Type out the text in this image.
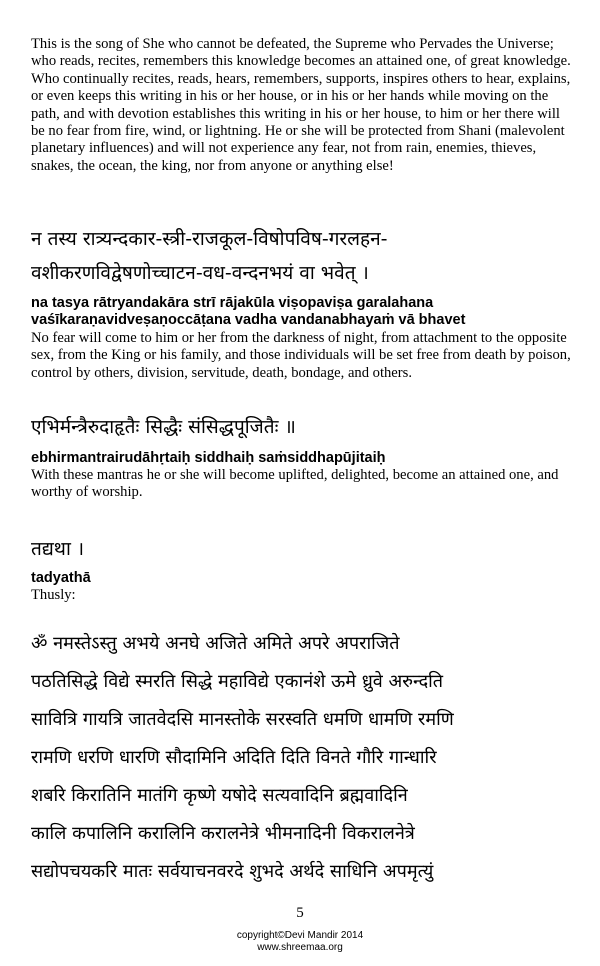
This is the song of She who cannot be defeated, the Supreme who Pervades the Universe; who reads, recites, remembers this knowledge becomes an attained one, of great knowledge. Who continually recites, reads, hears, remembers, supports, inspires others to hear, explains, or even keeps this writing in his or her house, or in his or her hands while moving on the path, and with devotion establishes this writing in his or her house, to him or her there will be no fear from fire, wind, or lightning. He or she will be protected from Shani (malevolent planetary influences) and will not experience any fear, not from rain, enemies, thieves, snakes, the ocean, the king, nor from anyone or anything else!

न तस्य रात्र्यन्दकार-स्त्री-राजकूल-विषोपविष-गरलहन-
वशीकरणविद्वेषणोच्चाटन-वध-वन्दनभयं वा भवेत् ।
na tasya rātryandakāra strī rājakūla viṣopaviṣa garalahana
vaśīkaraṇavidveṣaṇoccāṭana vadha vandanabhayaṁ vā bhavet

No fear will come to him or her from the darkness of night, from attachment to the opposite sex, from the King or his family, and those individuals will be set free from death by poison, control by others, division, servitude, death, bondage, and others.

एभिर्मन्त्रैरुदाहृतैः सिद्धैः संसिद्धपूजितैः ॥
ebhirmantrairudāhṛtaiḥ siddhaiḥ saṁsiddhapūjitaiḥ

With these mantras he or she will become uplifted, delighted, become an attained one, and worthy of worship.

तद्यथा ।
tadyathā

Thusly:

ॐ नमस्तेऽस्तु अभये अनघे अजिते अमिते अपरे अपराजिते
पठतिसिद्धे विद्ये स्मरति सिद्धे महाविद्ये एकानंशे ऊमे ध्रुवे अरुन्दति
सावित्रि गायत्रि जातवेदसि मानस्तोके सरस्वति धमणि धामणि रमणि
रामणि धरणि धारणि सौदामिनि अदिति दिति विनते गौरि गान्धारि
शबरि किरातिनि मातंगि कृष्णे यषोदे सत्यवादिनि ब्रह्मवादिनि
कालि कपालिनि करालिनि करालनेत्रे भीमनादिनी विकरालनेत्रे
सद्योपचयकरि मातः सर्वयाचनवरदे शुभदे अर्थदे साधिनि अपमृत्युं
5
copyright©Devi Mandir 2014
www.shreemaa.org
